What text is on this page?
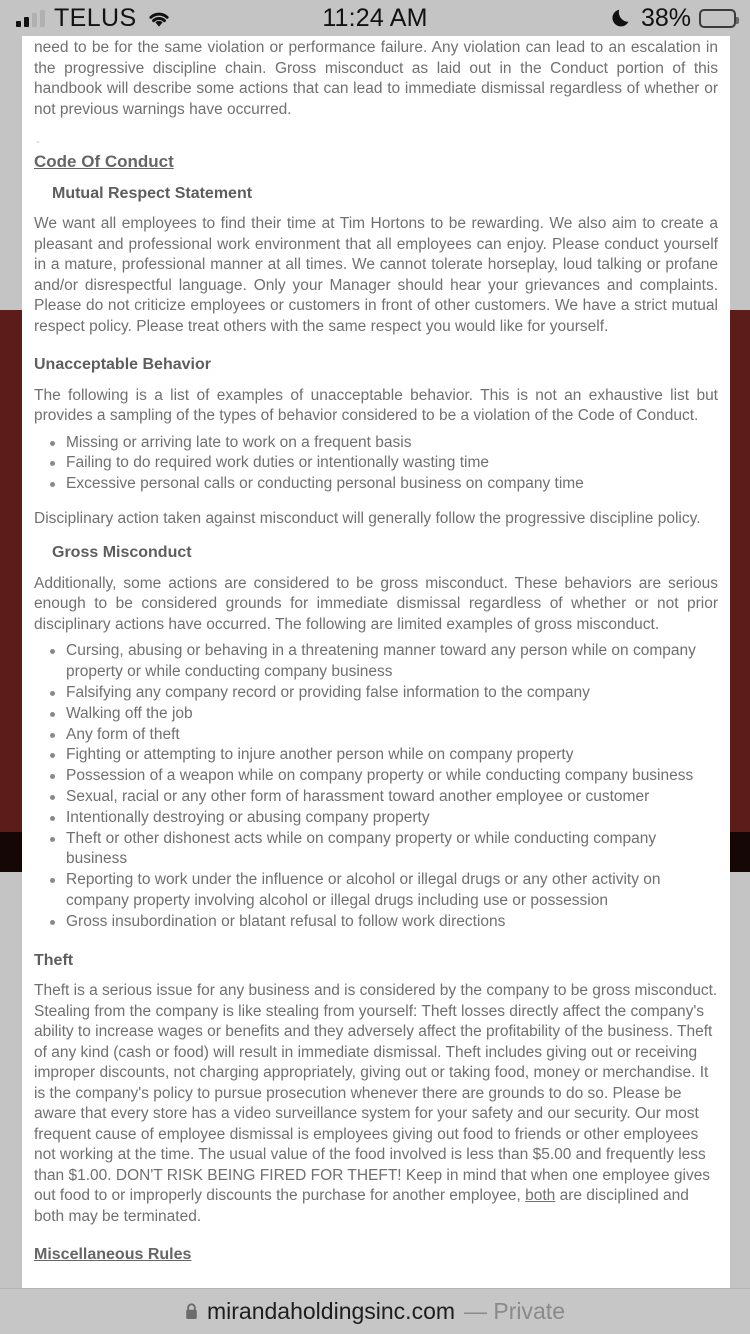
TELUS	11:24 AM	38%

need to be for the same violation or performance failure. Any violation can lead to an escalation in the progressive discipline chain. Gross misconduct as laid out in the Conduct portion of this handbook will describe some actions that can lead to immediate dismissal regardless of whether or not previous warnings have occurred.

-
Code Of Conduct
Mutual Respect Statement

We want all employees to find their time at Tim Hortons to be rewarding. We also aim to create a pleasant and professional work environment that all employees can enjoy. Please conduct yourself in a mature, professional manner at all times. We cannot tolerate horseplay, loud talking or profane and/or disrespectful language. Only your Manager should hear your grievances and complaints. Please do not criticize employees or customers in front of other customers. We have a strict mutual respect policy. Please treat others with the same respect you would like for yourself.

Unacceptable Behavior

The following is a list of examples of unacceptable behavior. This is not an exhaustive list but provides a sampling of the types of behavior considered to be a violation of the Code of Conduct.

Missing or arriving late to work on a frequent basis
Failing to do required work duties or intentionally wasting time
Excessive personal calls or conducting personal business on company time

Disciplinary action taken against misconduct will generally follow the progressive discipline policy.

Gross Misconduct

Additionally, some actions are considered to be gross misconduct. These behaviors are serious enough to be considered grounds for immediate dismissal regardless of whether or not prior disciplinary actions have occurred. The following are limited examples of gross misconduct.

Cursing, abusing or behaving in a threatening manner toward any person while on company property or while conducting company business
Falsifying any company record or providing false information to the company
Walking off the job
Any form of theft
Fighting or attempting to injure another person while on company property
Possession of a weapon while on company property or while conducting company business
Sexual, racial or any other form of harassment toward another employee or customer
Intentionally destroying or abusing company property
Theft or other dishonest acts while on company property or while conducting company business
Reporting to work under the influence or alcohol or illegal drugs or any other activity on company property involving alcohol or illegal drugs including use or possession
Gross insubordination or blatant refusal to follow work directions
Theft

Theft is a serious issue for any business and is considered by the company to be gross misconduct. Stealing from the company is like stealing from yourself: Theft losses directly affect the company's ability to increase wages or benefits and they adversely affect the profitability of the business. Theft of any kind (cash or food) will result in immediate dismissal. Theft includes giving out or receiving improper discounts, not charging appropriately, giving out or taking food, money or merchandise. It is the company's policy to pursue prosecution whenever there are grounds to do so. Please be aware that every store has a video surveillance system for your safety and our security. Our most frequent cause of employee dismissal is employees giving out food to friends or other employees not working at the time. The usual value of the food involved is less than $5.00 and frequently less than $1.00. DON'T RISK BEING FIRED FOR THEFT! Keep in mind that when one employee gives out food to or improperly discounts the purchase for another employee, both are disciplined and both may be terminated.

Miscellaneous Rules
mirandaholdingsinc.com — Private
